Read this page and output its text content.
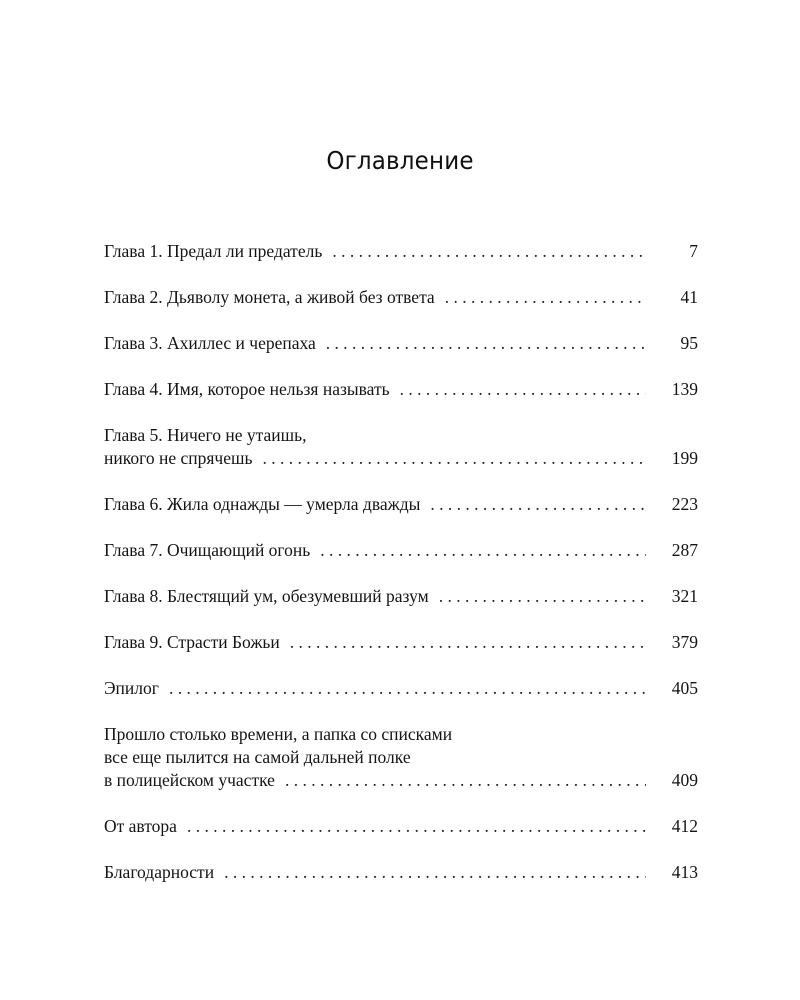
Оглавление
Глава 1. Предал ли предатель . . .	7
Глава 2. Дьяволу монета, а живой без ответа . . .	41
Глава 3. Ахиллес и черепаха . . .	95
Глава 4. Имя, которое нельзя называть . . .	139
Глава 5. Ничего не утаишь,
никого не спрячешь . . .	199
Глава 6. Жила однажды — умерла дважды . . .	223
Глава 7. Очищающий огонь . . .	287
Глава 8. Блестящий ум, обезумевший разум . . .	321
Глава 9. Страсти Божьи . . .	379
Эпилог . . .	405
Прошло столько времени, а папка со списками
все еще пылится на самой дальней полке
в полицейском участке . . .	409
От автора . . .	412
Благодарности . . .	413
